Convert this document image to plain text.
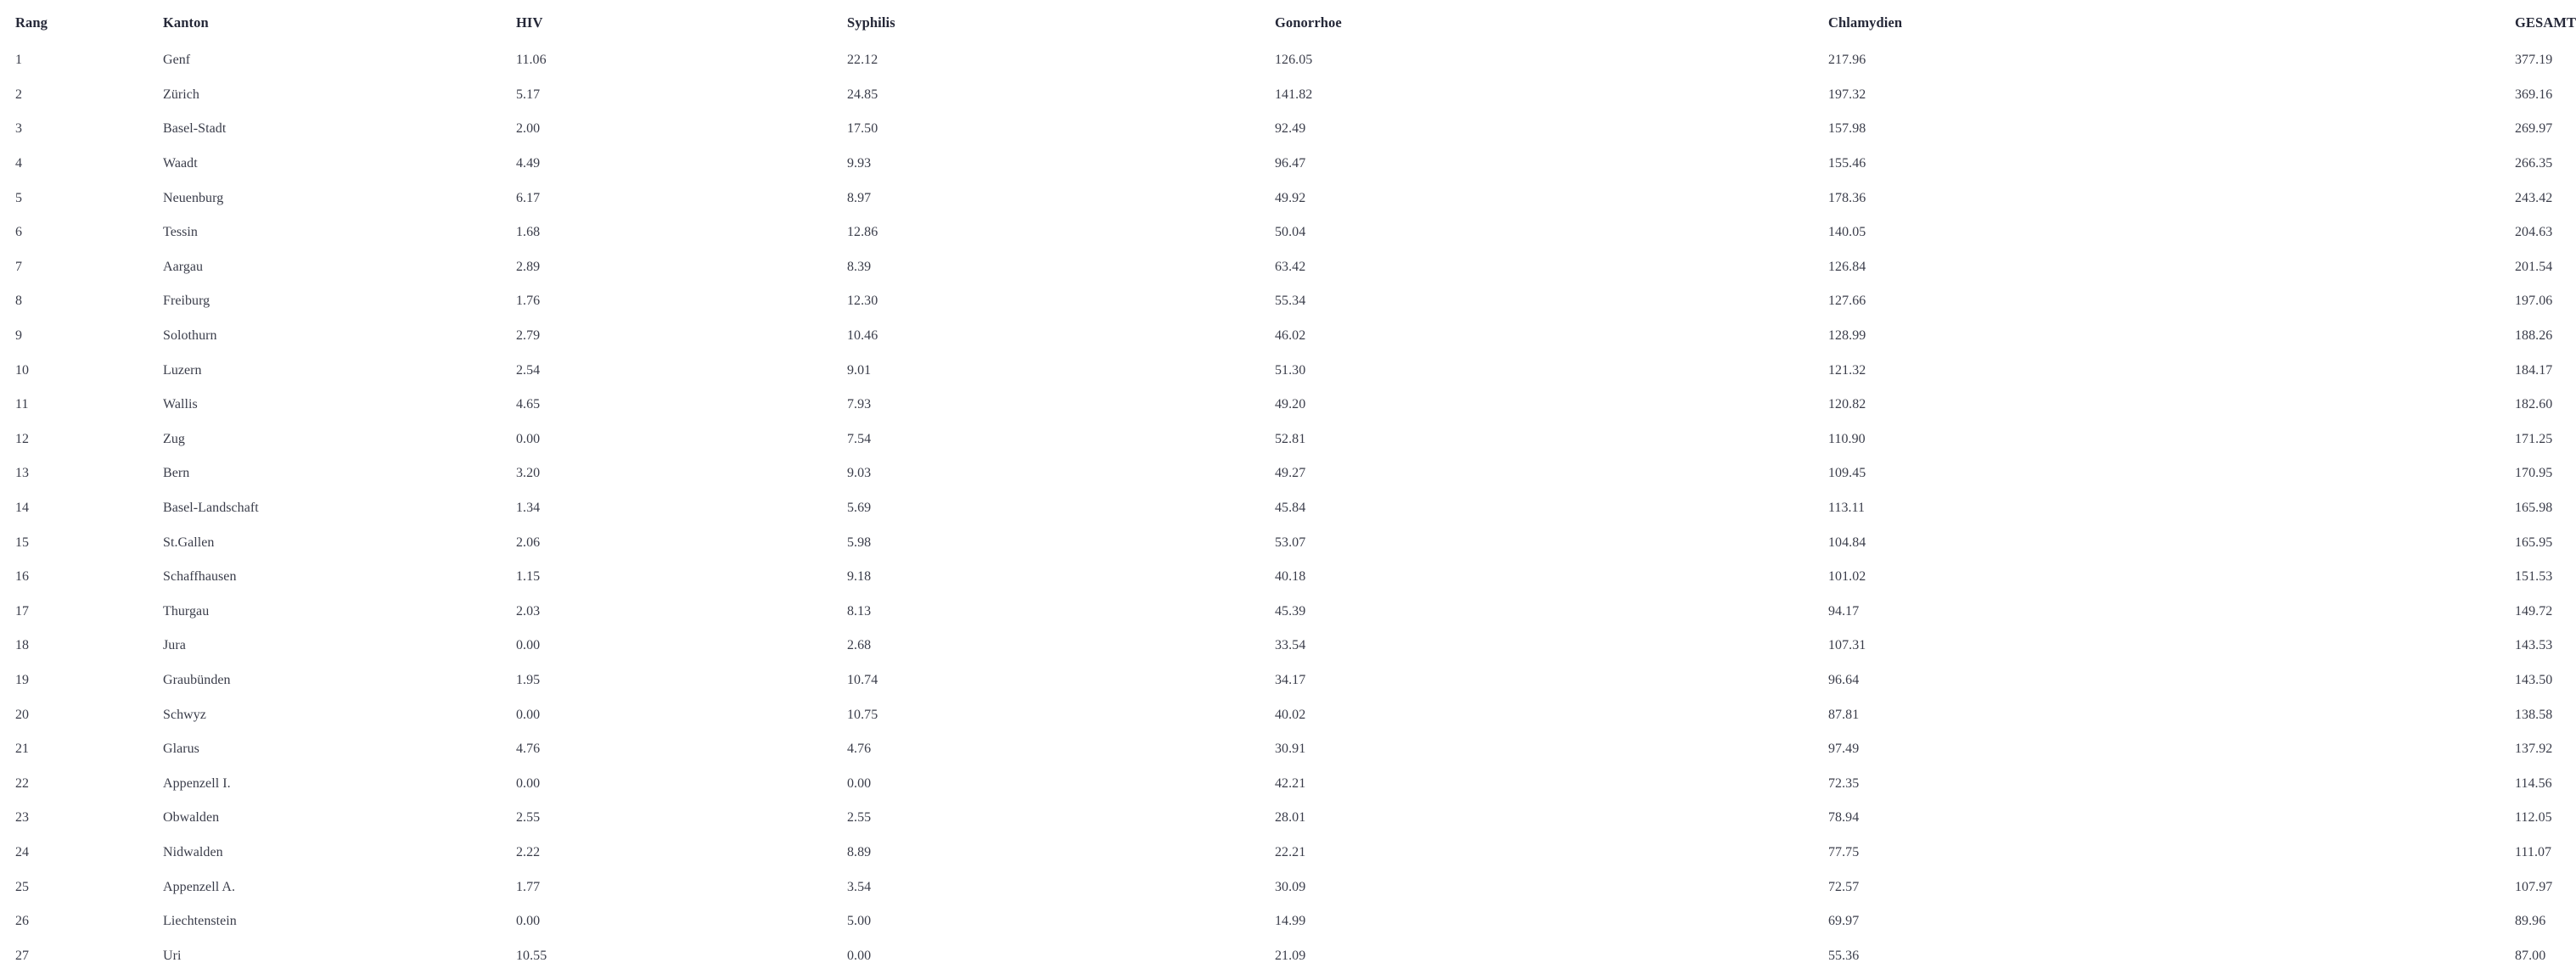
Rang	Kanton	HIV	Syphilis	Gonorrhoe	Chlamydien	GESAMT
1	Genf	11.06	22.12	126.05	217.96	377.19
2	Zürich	5.17	24.85	141.82	197.32	369.16
3	Basel-Stadt	2.00	17.50	92.49	157.98	269.97
4	Waadt	4.49	9.93	96.47	155.46	266.35
5	Neuenburg	6.17	8.97	49.92	178.36	243.42
6	Tessin	1.68	12.86	50.04	140.05	204.63
7	Aargau	2.89	8.39	63.42	126.84	201.54
8	Freiburg	1.76	12.30	55.34	127.66	197.06
9	Solothurn	2.79	10.46	46.02	128.99	188.26
10	Luzern	2.54	9.01	51.30	121.32	184.17
11	Wallis	4.65	7.93	49.20	120.82	182.60
12	Zug	0.00	7.54	52.81	110.90	171.25
13	Bern	3.20	9.03	49.27	109.45	170.95
14	Basel-Landschaft	1.34	5.69	45.84	113.11	165.98
15	St.Gallen	2.06	5.98	53.07	104.84	165.95
16	Schaffhausen	1.15	9.18	40.18	101.02	151.53
17	Thurgau	2.03	8.13	45.39	94.17	149.72
18	Jura	0.00	2.68	33.54	107.31	143.53
19	Graubünden	1.95	10.74	34.17	96.64	143.50
20	Schwyz	0.00	10.75	40.02	87.81	138.58
21	Glarus	4.76	4.76	30.91	97.49	137.92
22	Appenzell I.	0.00	0.00	42.21	72.35	114.56
23	Obwalden	2.55	2.55	28.01	78.94	112.05
24	Nidwalden	2.22	8.89	22.21	77.75	111.07
25	Appenzell A.	1.77	3.54	30.09	72.57	107.97
26	Liechtenstein	0.00	5.00	14.99	69.97	89.96
27	Uri	10.55	0.00	21.09	55.36	87.00
